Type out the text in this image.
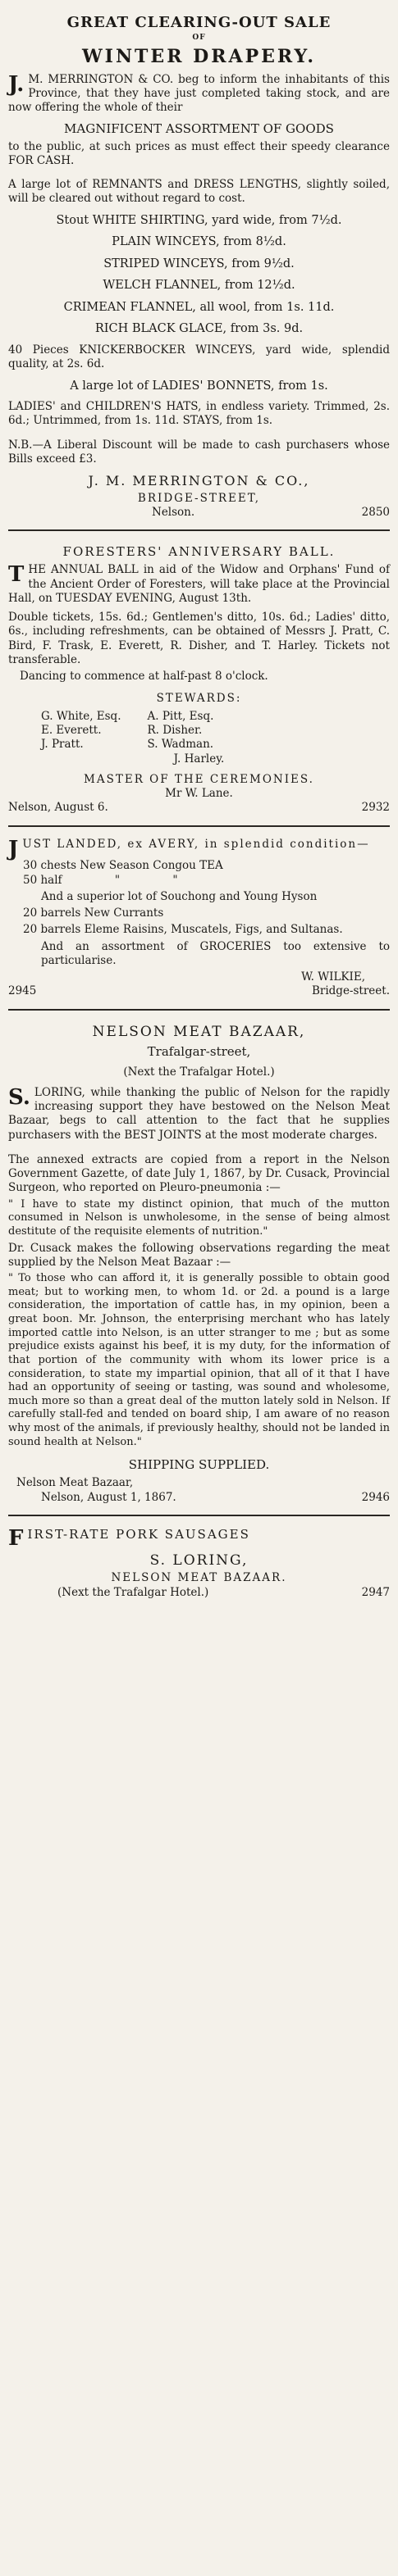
GREAT CLEARING-OUT SALE
OF
WINTER DRAPERY.
J. M. MERRINGTON & CO. beg to inform the inhabitants of this Province, that they have just completed taking stock, and are now offering the whole of their
MAGNIFICENT ASSORTMENT OF GOODS
to the public, at such prices as must effect their speedy clearance FOR CASH.
A large lot of REMNANTS and DRESS LENGTHS, slightly soiled, will be cleared out without regard to cost.
Stout WHITE SHIRTING, yard wide, from 7½d.
PLAIN WINCEYS, from 8½d.
STRIPED WINCEYS, from 9½d.
WELCH FLANNEL, from 12½d.
CRIMEAN FLANNEL, all wool, from 1s. 11d.
RICH BLACK GLACE, from 3s. 9d.
40 Pieces KNICKERBOCKER WINCEYS, yard wide, splendid quality, at 2s. 6d.
A large lot of LADIES' BONNETS, from 1s.
LADIES' and CHILDREN'S HATS, in endless variety. Trimmed, 2s. 6d.; Untrimmed, from 1s. 11d. STAYS, from 1s.
N.B.—A Liberal Discount will be made to cash purchasers whose Bills exceed £3.
J. M. MERRINGTON & CO.,
BRIDGE-STREET,
Nelson.	2850
FORESTERS' ANNIVERSARY BALL.
T HE ANNUAL BALL in aid of the Widow and Orphans' Fund of the Ancient Order of Foresters, will take place at the Provincial Hall, on TUESDAY EVENING, August 13th.
Double tickets, 15s. 6d.; Gentlemen's ditto, 10s. 6d.; Ladies' ditto, 6s., including refreshments, can be obtained of Messrs J. Pratt, C. Bird, F. Trask, E. Everett, R. Disher, and T. Harley. Tickets not transferable.
Dancing to commence at half-past 8 o'clock.
STEWARDS:
G. White, Esq.	A. Pitt, Esq.
E. Everett.	R. Disher.
J. Pratt.	S. Wadman.
J. Harley.
MASTER OF THE CEREMONIES.
Mr W. Lane.
Nelson, August 6.	2932
J UST LANDED, ex AVERY, in splendid condition—
30 chests New Season Congou TEA
50 half	"	"
And a superior lot of Souchong and Young Hyson
20 barrels New Currants
20 barrels Eleme Raisins, Muscatels, Figs, and Sultanas.
And an assortment of GROCERIES too extensive to particularise.
W. WILKIE,
2945	Bridge-street.
NELSON MEAT BAZAAR,
Trafalgar-street,
(Next the Trafalgar Hotel.)
S. LORING, while thanking the public of Nelson for the rapidly increasing support they have bestowed on the Nelson Meat Bazaar, begs to call attention to the fact that he supplies purchasers with the BEST JOINTS at the most moderate charges.
The annexed extracts are copied from a report in the Nelson Government Gazette, of date July 1, 1867, by Dr. Cusack, Provincial Surgeon, who reported on Pleuro-pneumonia :—
" I have to state my distinct opinion, that much of the mutton consumed in Nelson is unwholesome, in the sense of being almost destitute of the requisite elements of nutrition."
Dr. Cusack makes the following observations regarding the meat supplied by the Nelson Meat Bazaar :—
" To those who can afford it, it is generally possible to obtain good meat; but to working men, to whom 1d. or 2d. a pound is a large consideration, the importation of cattle has, in my opinion, been a great boon. Mr. Johnson, the enterprising merchant who has lately imported cattle into Nelson, is an utter stranger to me ; but as some prejudice exists against his beef, it is my duty, for the information of that portion of the community with whom its lower price is a consideration, to state my impartial opinion, that all of it that I have had an opportunity of seeing or tasting, was sound and wholesome, much more so than a great deal of the mutton lately sold in Nelson. If carefully stall-fed and tended on board ship, I am aware of no reason why most of the animals, if previously healthy, should not be landed in sound health at Nelson."
SHIPPING SUPPLIED.
Nelson Meat Bazaar,
Nelson, August 1, 1867.	2946
F IRST-RATE PORK SAUSAGES
S. LORING,
NELSON MEAT BAZAAR.
(Next the Trafalgar Hotel.)	2947
